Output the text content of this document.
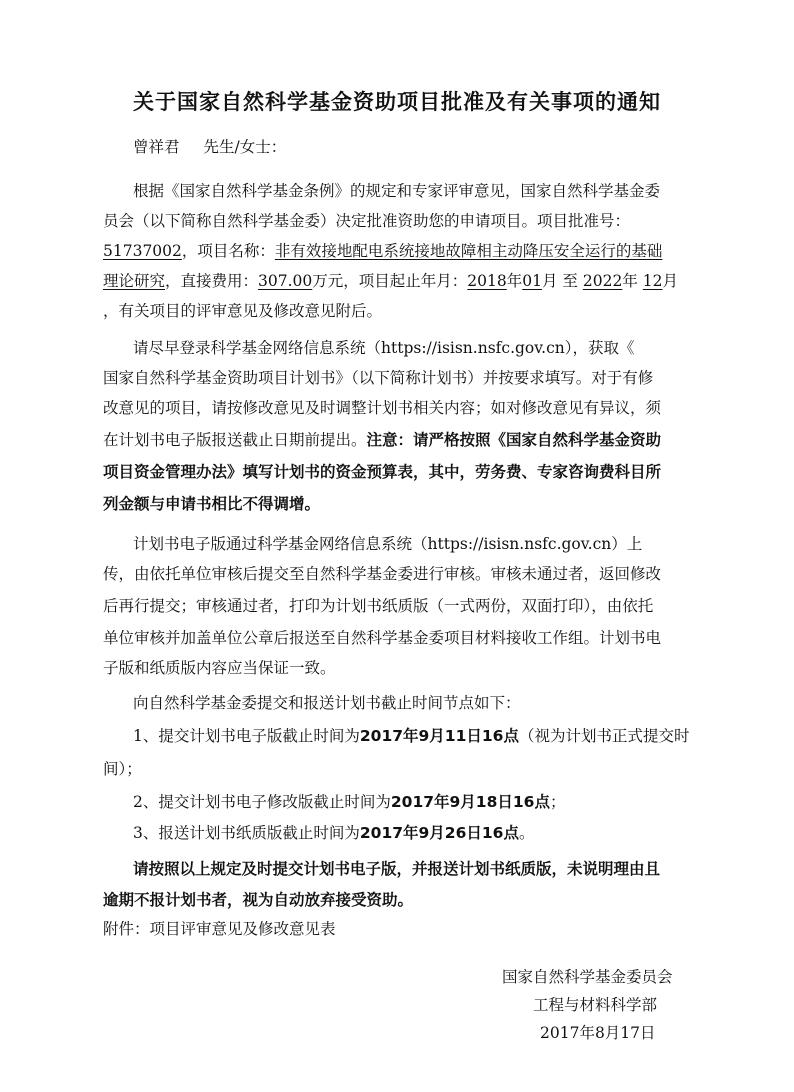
关于国家自然科学基金资助项目批准及有关事项的通知
曾祥君 先生/女士：
根据《国家自然科学基金条例》的规定和专家评审意见，国家自然科学基金委
员会（以下简称自然科学基金委）决定批准资助您的申请项目。项目批准号：
51737002，项目名称：非有效接地配电系统接地故障相主动降压安全运行的基础
理论研究，直接费用：307.00万元，项目起止年月：2018年01月 至 2022年 12月
，有关项目的评审意见及修改意见附后。
请尽早登录科学基金网络信息系统（https://isisn.nsfc.gov.cn），获取《
国家自然科学基金资助项目计划书》（以下简称计划书）并按要求填写。对于有修
改意见的项目，请按修改意见及时调整计划书相关内容；如对修改意见有异议，须
在计划书电子版报送截止日期前提出。注意：请严格按照《国家自然科学基金资助
项目资金管理办法》填写计划书的资金预算表，其中，劳务费、专家咨询费科目所
列金额与申请书相比不得调增。
计划书电子版通过科学基金网络信息系统（https://isisn.nsfc.gov.cn）上
传，由依托单位审核后提交至自然科学基金委进行审核。审核未通过者，返回修改
后再行提交；审核通过者，打印为计划书纸质版（一式两份，双面打印），由依托
单位审核并加盖单位公章后报送至自然科学基金委项目材料接收工作组。计划书电
子版和纸质版内容应当保证一致。
向自然科学基金委提交和报送计划书截止时间节点如下：
1、提交计划书电子版截止时间为2017年9月11日16点（视为计划书正式提交时
间）；
2、提交计划书电子修改版截止时间为2017年9月18日16点；
3、报送计划书纸质版截止时间为2017年9月26日16点。
请按照以上规定及时提交计划书电子版，并报送计划书纸质版，未说明理由且
逾期不报计划书者，视为自动放弃接受资助。
附件：项目评审意见及修改意见表
国家自然科学基金委员会
工程与材料科学部
2017年8月17日
